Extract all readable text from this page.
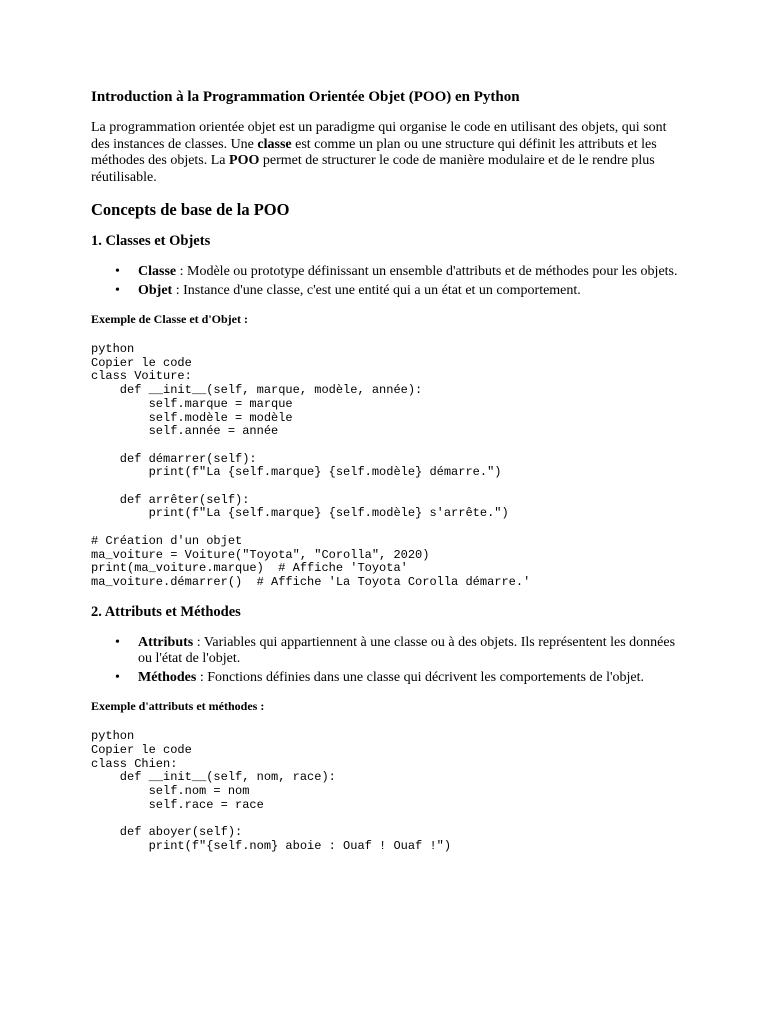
Introduction à la Programmation Orientée Objet (POO) en Python
La programmation orientée objet est un paradigme qui organise le code en utilisant des objets, qui sont des instances de classes. Une classe est comme un plan ou une structure qui définit les attributs et les méthodes des objets. La POO permet de structurer le code de manière modulaire et de le rendre plus réutilisable.
Concepts de base de la POO
1. Classes et Objets
• Classe : Modèle ou prototype définissant un ensemble d'attributs et de méthodes pour les objets.
• Objet : Instance d'une classe, c'est une entité qui a un état et un comportement.
Exemple de Classe et d'Objet :
python
Copier le code
class Voiture:
def __init__(self, marque, modèle, année):
self.marque = marque
self.modèle = modèle
self.année = année

def démarrer(self):
print(f"La {self.marque} {self.modèle} démarre.")

def arrêter(self):
print(f"La {self.marque} {self.modèle} s'arrête.")

# Création d'un objet
ma_voiture = Voiture("Toyota", "Corolla", 2020)
print(ma_voiture.marque)  # Affiche 'Toyota'
ma_voiture.démarrer()  # Affiche 'La Toyota Corolla démarre.'
2. Attributs et Méthodes
• Attributs : Variables qui appartiennent à une classe ou à des objets. Ils représentent les données ou l'état de l'objet.
• Méthodes : Fonctions définies dans une classe qui décrivent les comportements de l'objet.
Exemple d'attributs et méthodes :
python
Copier le code
class Chien:
def __init__(self, nom, race):
self.nom = nom
self.race = race

def aboyer(self):
print(f"{self.nom} aboie : Ouaf ! Ouaf !")
